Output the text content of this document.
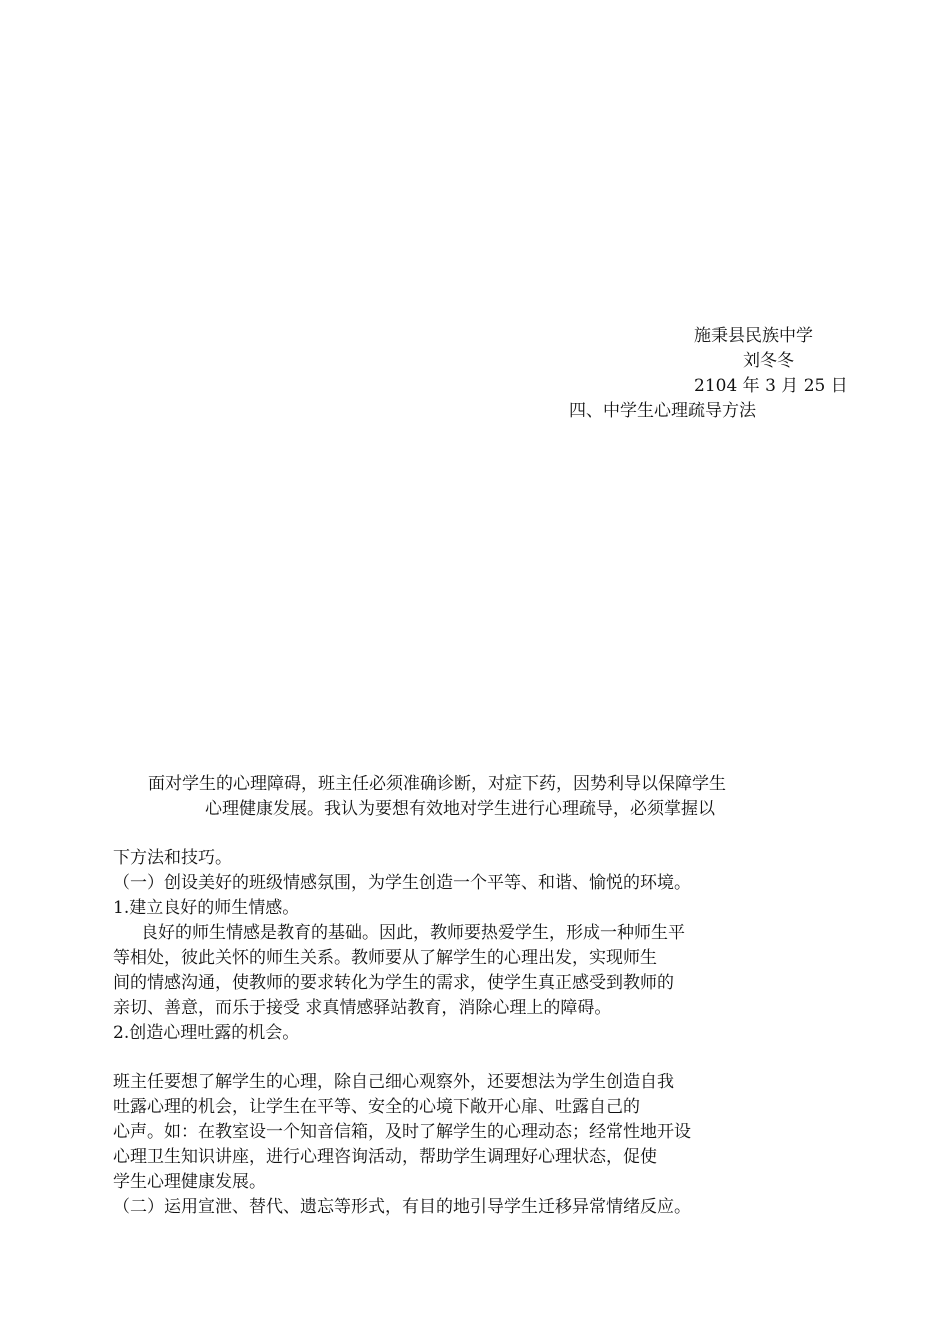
施秉县民族中学
刘冬冬
2104 年 3 月 25 日
四、中学生心理疏导方法
面对学生的心理障碍，班主任必须准确诊断，对症下药，因势利导以保障学生
心理健康发展。我认为要想有效地对学生进行心理疏导，必须掌握以
下方法和技巧。
（一）创设美好的班级情感氛围，为学生创造一个平等、和谐、愉悦的环境。
1.建立良好的师生情感。
良好的师生情感是教育的基础。因此，教师要热爱学生，形成一种师生平
等相处，彼此关怀的师生关系。教师要从了解学生的心理出发，实现师生
间的情感沟通，使教师的要求转化为学生的需求，使学生真正感受到教师的
亲切、善意，而乐于接受 求真情感驿站教育，消除心理上的障碍。
2.创造心理吐露的机会。
班主任要想了解学生的心理，除自己细心观察外，还要想法为学生创造自我
吐露心理的机会，让学生在平等、安全的心境下敞开心扉、吐露自己的
心声。如：在教室设一个知音信箱，及时了解学生的心理动态；经常性地开设
心理卫生知识讲座，进行心理咨询活动，帮助学生调理好心理状态，促使
学生心理健康发展。
（二）运用宣泄、替代、遗忘等形式，有目的地引导学生迁移异常情绪反应。
